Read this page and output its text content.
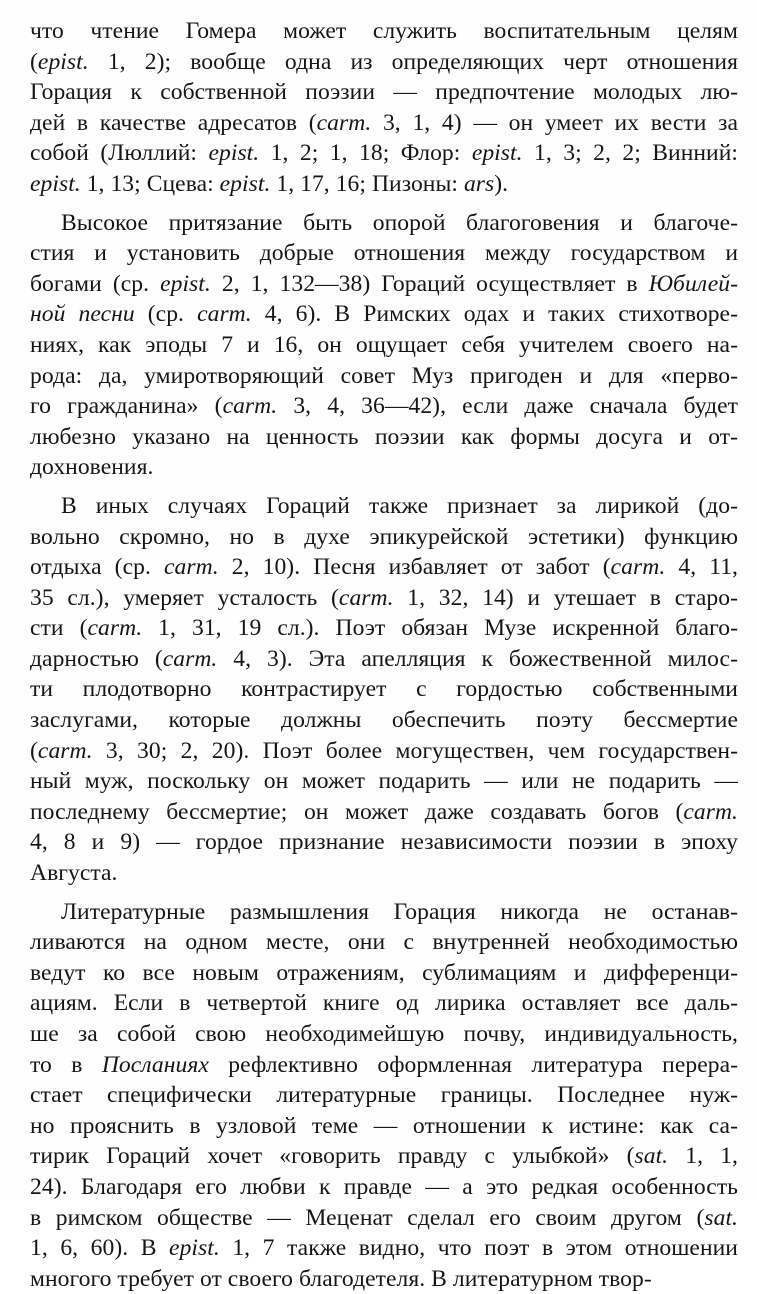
что чтение Гомера может служить воспитательным целям
(epist. 1, 2); вообще одна из определяющих черт отношения
Горация к собственной поэзии — предпочтение молодых лю-
дей в качестве адресатов (carm. 3, 1, 4) — он умеет их вести за
собой (Люллий: epist. 1, 2; 1, 18; Флор: epist. 1, 3; 2, 2; Винний:
epist. 1, 13; Сцева: epist. 1, 17, 16; Пизоны: ars).
Высокое притязание быть опорой благоговения и благоче-
стия и установить добрые отношения между государством и
богами (ср. epist. 2, 1, 132—38) Гораций осуществляет в Юбилей-
ной песни (ср. carm. 4, 6). В Римских одах и таких стихотворе-
ниях, как эподы 7 и 16, он ощущает себя учителем своего на-
рода: да, умиротворяющий совет Муз пригоден и для «перво-
го гражданина» (carm. 3, 4, 36—42), если даже сначала будет
любезно указано на ценность поэзии как формы досуга и от-
дохновения.
В иных случаях Гораций также признает за лирикой (до-
вольно скромно, но в духе эпикурейской эстетики) функцию
отдыха (ср. carm. 2, 10). Песня избавляет от забот (carm. 4, 11,
35 сл.), умеряет усталость (carm. 1, 32, 14) и утешает в старо-
сти (carm. 1, 31, 19 сл.). Поэт обязан Музе искренной благо-
дарностью (carm. 4, 3). Эта апелляция к божественной милос-
ти плодотворно контрастирует с гордостью собственными
заслугами, которые должны обеспечить поэту бессмертие
(carm. 3, 30; 2, 20). Поэт более могуществен, чем государствен-
ный муж, поскольку он может подарить — или не подарить —
последнему бессмертие; он может даже создавать богов (carm.
4, 8 и 9) — гордое признание независимости поэзии в эпоху
Августа.
Литературные размышления Горация никогда не останав-
ливаются на одном месте, они с внутренней необходимостью
ведут ко все новым отражениям, сублимациям и дифференци-
ациям. Если в четвертой книге од лирика оставляет все даль-
ше за собой свою необходимейшую почву, индивидуальность,
то в Посланиях рефлективно оформленная литература перера-
стает специфически литературные границы. Последнее нуж-
но прояснить в узловой теме — отношении к истине: как са-
тирик Гораций хочет «говорить правду с улыбкой» (sat. 1, 1,
24). Благодаря его любви к правде — а это редкая особенность
в римском обществе — Меценат сделал его своим другом (sat.
1, 6, 60). В epist. 1, 7 также видно, что поэт в этом отношении
многого требует от своего благодетеля. В литературном твор-
